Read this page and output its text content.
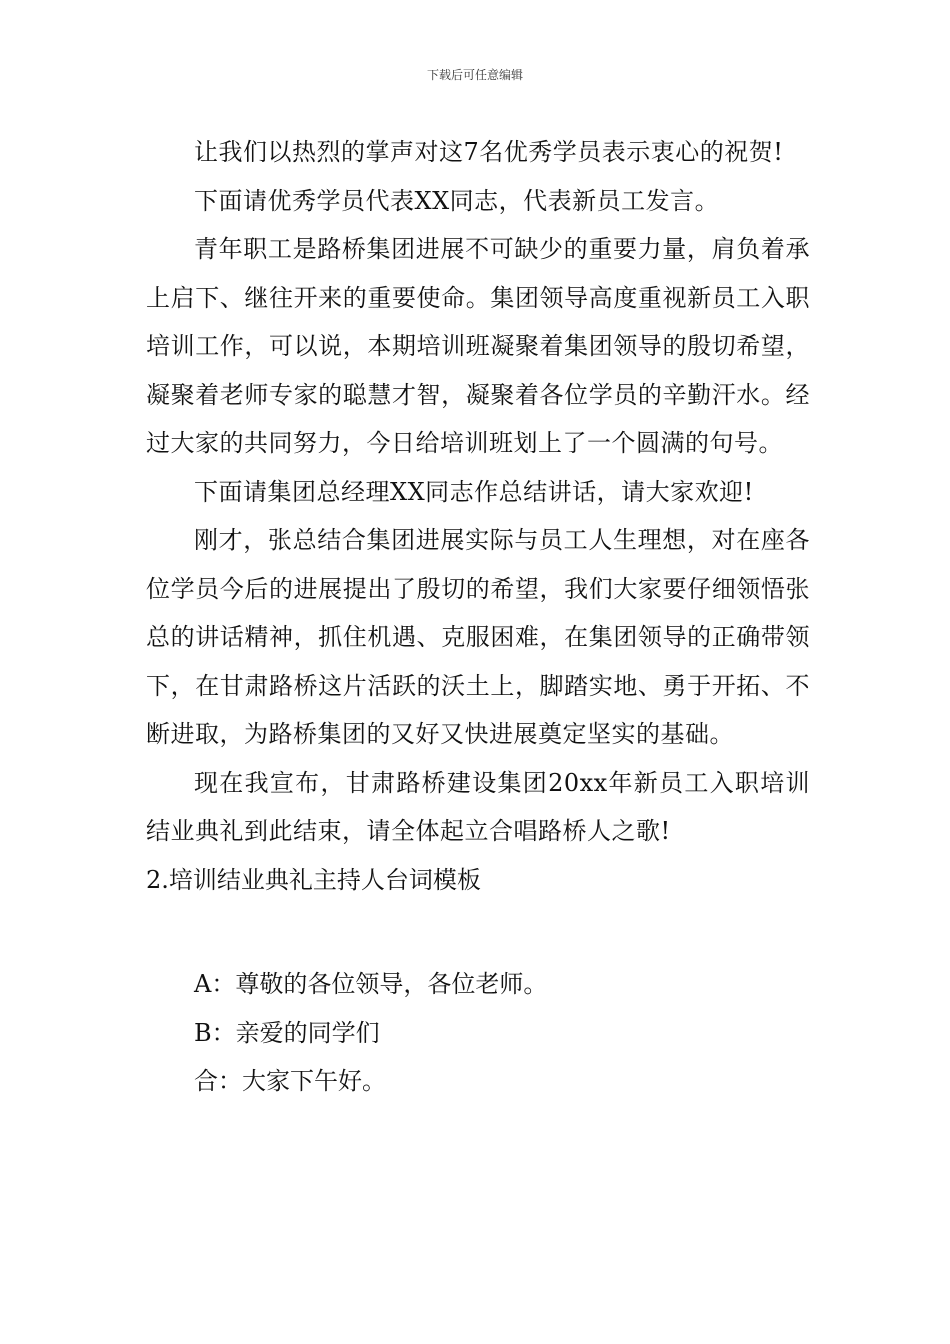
下载后可任意编辑

让我们以热烈的掌声对这7名优秀学员表示衷心的祝贺!

下面请优秀学员代表XX同志，代表新员工发言。

青年职工是路桥集团进展不可缺少的重要力量，肩负着承上启下、继往开来的重要使命。集团领导高度重视新员工入职培训工作，可以说，本期培训班凝聚着集团领导的殷切希望，凝聚着老师专家的聪慧才智，凝聚着各位学员的辛勤汗水。经过大家的共同努力，今日给培训班划上了一个圆满的句号。

下面请集团总经理XX同志作总结讲话，请大家欢迎!

刚才，张总结合集团进展实际与员工人生理想，对在座各位学员今后的进展提出了殷切的希望，我们大家要仔细领悟张总的讲话精神，抓住机遇、克服困难，在集团领导的正确带领下，在甘肃路桥这片活跃的沃土上，脚踏实地、勇于开拓、不断进取，为路桥集团的又好又快进展奠定坚实的基础。

现在我宣布，甘肃路桥建设集团20xx年新员工入职培训结业典礼到此结束，请全体起立合唱路桥人之歌!

2.培训结业典礼主持人台词模板

A：尊敬的各位领导，各位老师。

B：亲爱的同学们

合：大家下午好。
